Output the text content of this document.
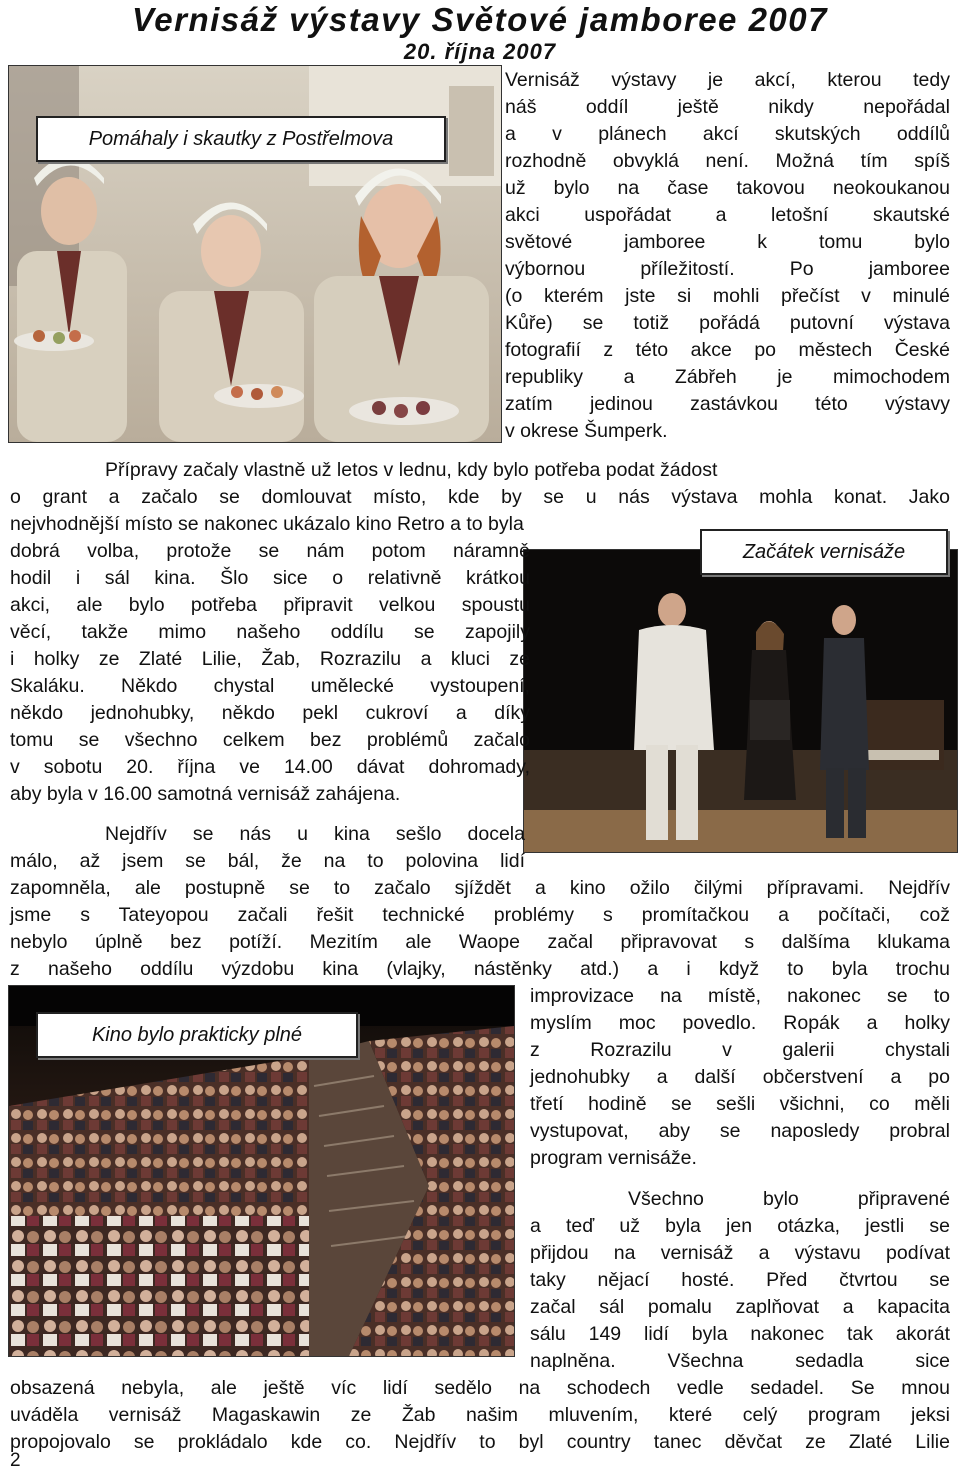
Vernisáž výstavy Světové jamboree 2007
20. října 2007
Pomáhaly i skautky z Postřelmova

Vernisáž výstavy je akcí, kterou tedy

náš oddíl ještě nikdy nepořádal

a v plánech akcí skutských oddílů

rozhodně obvyklá není. Možná tím spíš

už bylo na čase takovou neokoukanou

akci uspořádat a letošní skautské

světové jamboree k tomu bylo

výbornou příležitostí. Po jamboree

(o kterém jste si mohli přečíst v minulé

Kůře) se totiž pořádá putovní výstava

fotografií z této akce po městech České

republiky a Zábřeh je mimochodem

zatím jedinou zastávkou této výstavy

v okrese Šumperk.

Přípravy začaly vlastně už letos v lednu, kdy bylo potřeba podat žádost

o grant a začalo se domlouvat místo, kde by se u nás výstava mohla konat. Jako

nejvhodnější místo se nakonec ukázalo kino Retro a to byla

Začátek vernisáže

dobrá volba, protože se nám potom náramně

hodil i sál kina. Šlo sice o relativně krátkou

akci, ale bylo potřeba připravit velkou spoustu

věcí, takže mimo našeho oddílu se zapojily

i holky ze Zlaté Lilie, Žab, Rozrazilu a kluci ze

Skaláku. Někdo chystal umělecké vystoupení,

někdo jednohubky, někdo pekl cukroví a díky

tomu se všechno celkem bez problémů začalo

v sobotu 20. října ve 14.00 dávat dohromady,

aby byla v 16.00 samotná vernisáž zahájena.

Nejdřív se nás u kina sešlo docela

málo, až jsem se bál, že na to polovina lidí

zapomněla, ale postupně se to začalo sjíždět a kino ožilo čilými přípravami. Nejdřív

jsme s Tateyopou začali řešit technické problémy s promítačkou a počítači, což

nebylo úplně bez potíží. Mezitím ale Waope začal připravovat s dalšíma klukama

z našeho oddílu výzdobu kina (vlajky, nástěnky atd.) a i když to byla trochu

Kino bylo prakticky plné

improvizace na místě, nakonec se to

myslím moc povedlo. Ropák a holky

z Rozrazilu v galerii chystali

jednohubky a další občerstvení a po

třetí hodině se sešli všichni, co měli

vystupovat, aby se naposledy probral

program vernisáže.

Všechno bylo připravené

a teď už byla jen otázka, jestli se

přijdou na vernisáž a výstavu podívat

taky nějací hosté. Před čtvrtou se

začal sál pomalu zaplňovat a kapacita

sálu 149 lidí byla nakonec tak akorát

naplněna. Všechna sedadla sice

obsazená nebyla, ale ještě víc lidí sedělo na schodech vedle sedadel. Se mnou

uváděla vernisáž Magaskawin ze Žab našim mluvením, které celý program jeksi

propojovalo se prokládalo kde co. Nejdřív to byl country tanec děvčat ze Zlaté Lilie

2
